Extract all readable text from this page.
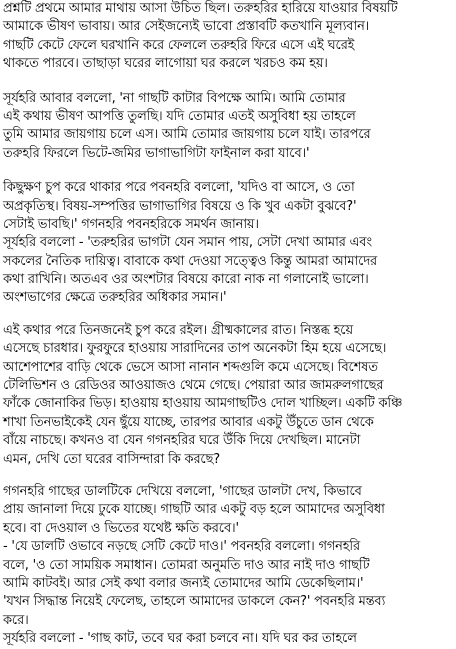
প্রশ্নটি প্রথমে আমার মাথায় আসা উচিত ছিল। তরুহরির হারিয়ে যাওয়ার বিষয়টি
আমাকে ভীষণ ভাবায়। আর সেইজন্যেই ভাবো প্রস্তাবটি কতখানি মূল্যবান।
গাছটি কেটে ফেলে ঘরখানি করে ফেললে তরুহরি ফিরে এসে এই ঘরেই
থাকতে পারবে। তাছাড়া ঘরের লাগোয়া ঘর করলে খরচও কম হয়।
সূর্যহরি আবার বললো, 'না গাছটি কাটার বিপক্ষে আমি। আমি তোমার
এই কথায় ভীষণ আপত্তি তুলছি। যদি তোমার এতই অসুবিধা হয় তাহলে
তুমি আমার জায়গায় চলে এস। আমি তোমার জায়গায় চলে যাই। তারপরে
তরুহরি ফিরলে ভিটে-জমির ভাগাভাগিটা ফাইনাল করা যাবে।'
কিছুক্ষণ চুপ করে থাকার পরে পবনহরি বললো, 'যদিও বা আসে, ও তো
অপ্রকৃতিস্থ। বিষয়-সম্পত্তির ভাগাভাগির বিষয়ে ও কি খুব একটা বুঝবে?'
সেটাই ভাবছি।' গগনহরি পবনহরিকে সমর্থন জানায়।
সূর্যহরি বললো - 'তরুহরির ভাগটা যেন সমান পায়, সেটা দেখা আমার এবং
সকলের নৈতিক দায়িত্ব। বাবাকে কথা দেওয়া সত্ত্বেও কিন্তু আমরা আমাদের
কথা রাখিনি। অতএব ওর অংশটার বিষয়ে কারো নাক না গলানোই ভালো।
অংশভাগের ক্ষেত্রে তরুহরির অধিকার সমান।'
এই কথার পরে তিনজনেই চুপ করে রইল। গ্রীষ্মকালের রাত। নিস্তব্ধ হয়ে
এসেছে চারধার। ফুরফুরে হাওয়ায় সারাদিনের তাপ অনেকটা হিম হয়ে এসেছে।
আশেপাশের বাড়ি থেকে ভেসে আসা নানান শব্দগুলি কমে এসেছে। বিশেষত
টেলিভিশন ও রেডিওর আওয়াজও থেমে গেছে। পেয়ারা আর জামরুলগাছের
ফাঁকে জোনাকির ভিড়। হাওয়ায় হাওয়ায় আমগাছটিও দোল খাচ্ছিল। একটি কঞ্চি
শাখা তিনভাইকেই যেন ছুঁয়ে যাচ্ছে, তারপর আবার একটু উঁচুতে ডান থেকে
বাঁয়ে নাচছে। কখনও বা যেন গগনহরির ঘরে উঁকি দিয়ে দেখছিল। মানেটা
এমন, দেখি তো ঘরের বাসিন্দারা কি করছে?
গগনহরি গাছের ডালটিকে দেখিয়ে বললো, 'গাছের ডালটা দেখ, কিভাবে
প্রায় জানালা দিয়ে ঢুকে যাচ্ছে। গাছটি আর একটু বড় হলে আমাদের অসুবিধা
হবে। বা দেওয়াল ও ভিতের যথেষ্ট ক্ষতি করবে।'
- 'যে ডালটি ওভাবে নড়ছে সেটি কেটে দাও।' পবনহরি বললো। গগনহরি
বলে, 'ও তো সাময়িক সমাধান। তোমরা অনুমতি দাও আর নাই দাও গাছটি
আমি কাটবই। আর সেই কথা বলার জন্যই তোমাদের আমি ডেকেছিলাম।'
'যখন সিদ্ধান্ত নিয়েই ফেলেছ, তাহলে আমাদের ডাকলে কেন?' পবনহরি মন্তব্য
করে।
সূর্যহরি বললো - 'গাছ কাট, তবে ঘর করা চলবে না। যদি ঘর কর তাহলে
